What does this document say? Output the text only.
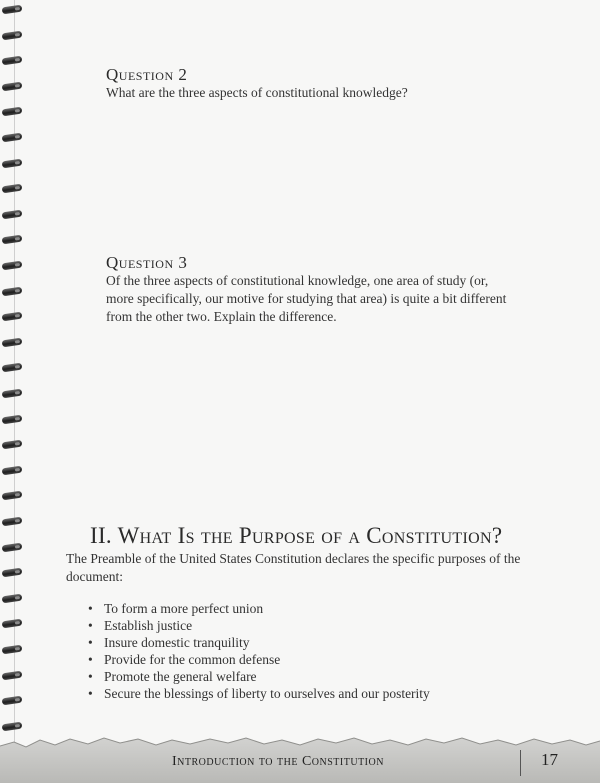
Question 2
What are the three aspects of constitutional knowledge?
Question 3
Of the three aspects of constitutional knowledge, one area of study (or,
more specifically, our motive for studying that area) is quite a bit different
from the other two. Explain the difference.
II. What Is the Purpose of a Constitution?
The Preamble of the United States Constitution declares the specific purposes of the
document:
• To form a more perfect union
• Establish justice
• Insure domestic tranquility
• Provide for the common defense
• Promote the general welfare
• Secure the blessings of liberty to ourselves and our posterity
Introduction to the Constitution	17
